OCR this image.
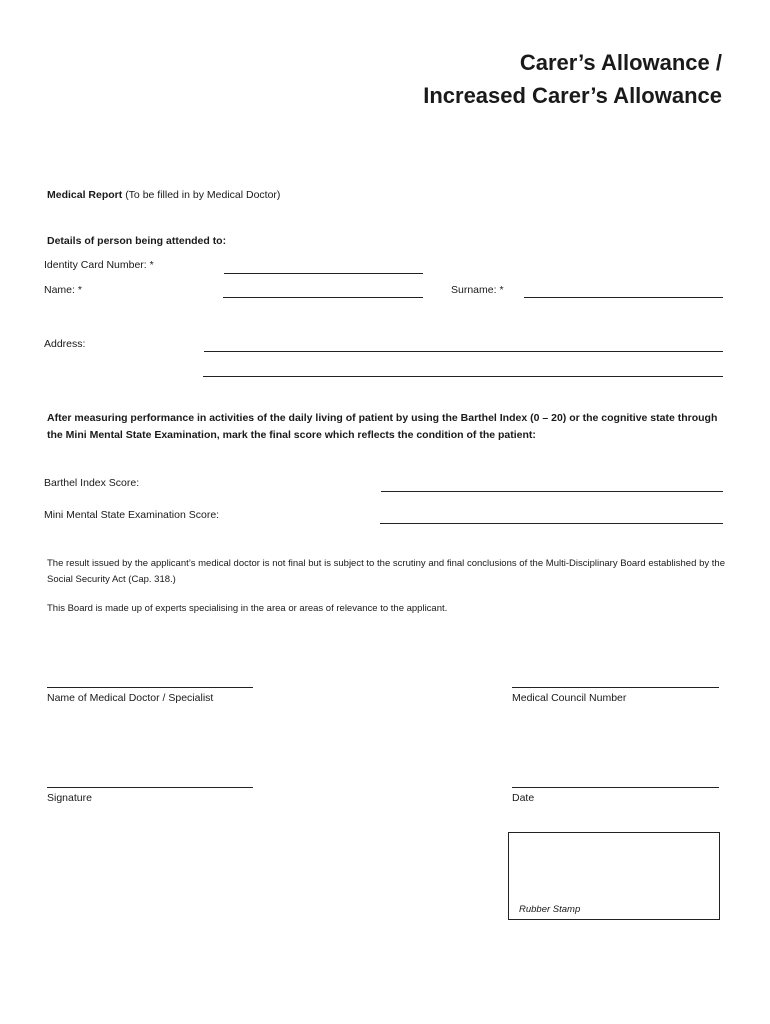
Carer’s Allowance /
Increased Carer’s Allowance
Medical Report (To be filled in by Medical Doctor)
Details of person being attended to:
Identity Card Number: *
Name: *	Surname: *
Address:
After measuring performance in activities of the daily living of patient by using the Barthel Index (0 – 20) or the cognitive state through the Mini Mental State Examination, mark the final score which reflects the condition of the patient:
Barthel Index Score:
Mini Mental State Examination Score:
The result issued by the applicant’s medical doctor is not final but is subject to the scrutiny and final conclusions of the Multi-Disciplinary Board established by the Social Security Act (Cap. 318.)
This Board is made up of experts specialising in the area or areas of relevance to the applicant.
Name of Medical Doctor / Specialist	Medical Council Number
Signature	Date
Rubber Stamp
